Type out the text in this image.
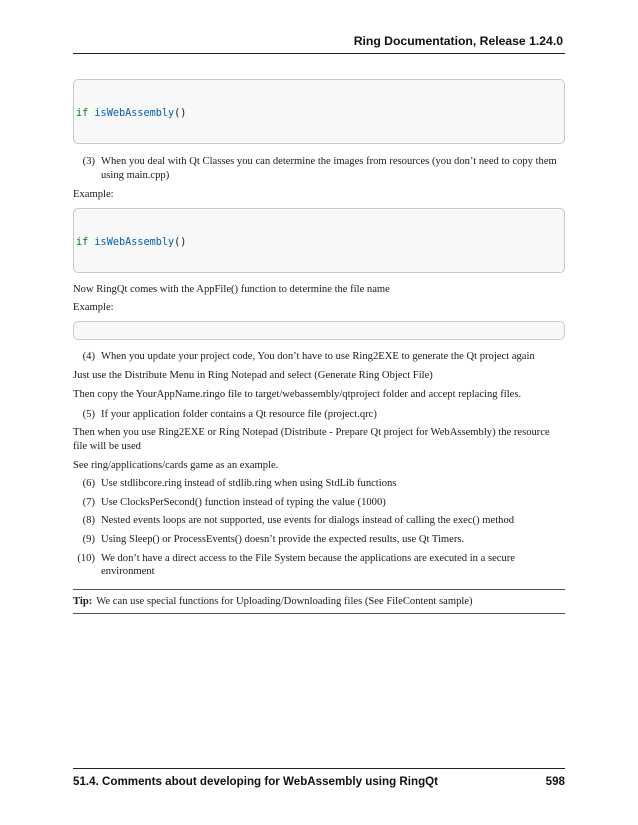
Ring Documentation, Release 1.24.0

if isWebAssembly()

(3) When you deal with Qt Classes you can determine the images from resources (you don’t need to copy them using main.cpp)

Example:

if isWebAssembly()

Now RingQt comes with the AppFile() function to determine the file name

Example:

(4) When you update your project code, You don’t have to use Ring2EXE to generate the Qt project again

Just use the Distribute Menu in Ring Notepad and select (Generate Ring Object File)

Then copy the YourAppName.ringo file to target/webassembly/qtproject folder and accept replacing files.

(5) If your application folder contains a Qt resource file (project.qrc)

Then when you use Ring2EXE or Ring Notepad (Distribute - Prepare Qt project for WebAssembly) the resource file will be used

See ring/applications/cards game as an example.

(6) Use stdlibcore.ring instead of stdlib.ring when using StdLib functions
(7) Use ClocksPerSecond() function instead of typing the value (1000)
(8) Nested events loops are not supported, use events for dialogs instead of calling the exec() method
(9) Using Sleep() or ProcessEvents() doesn’t provide the expected results, use Qt Timers.
(10) We don’t have a direct access to the File System because the applications are executed in a secure environment
Tip: We can use special functions for Uploading/Downloading files (See FileContent sample)
51.4. Comments about developing for WebAssembly using RingQt	598
